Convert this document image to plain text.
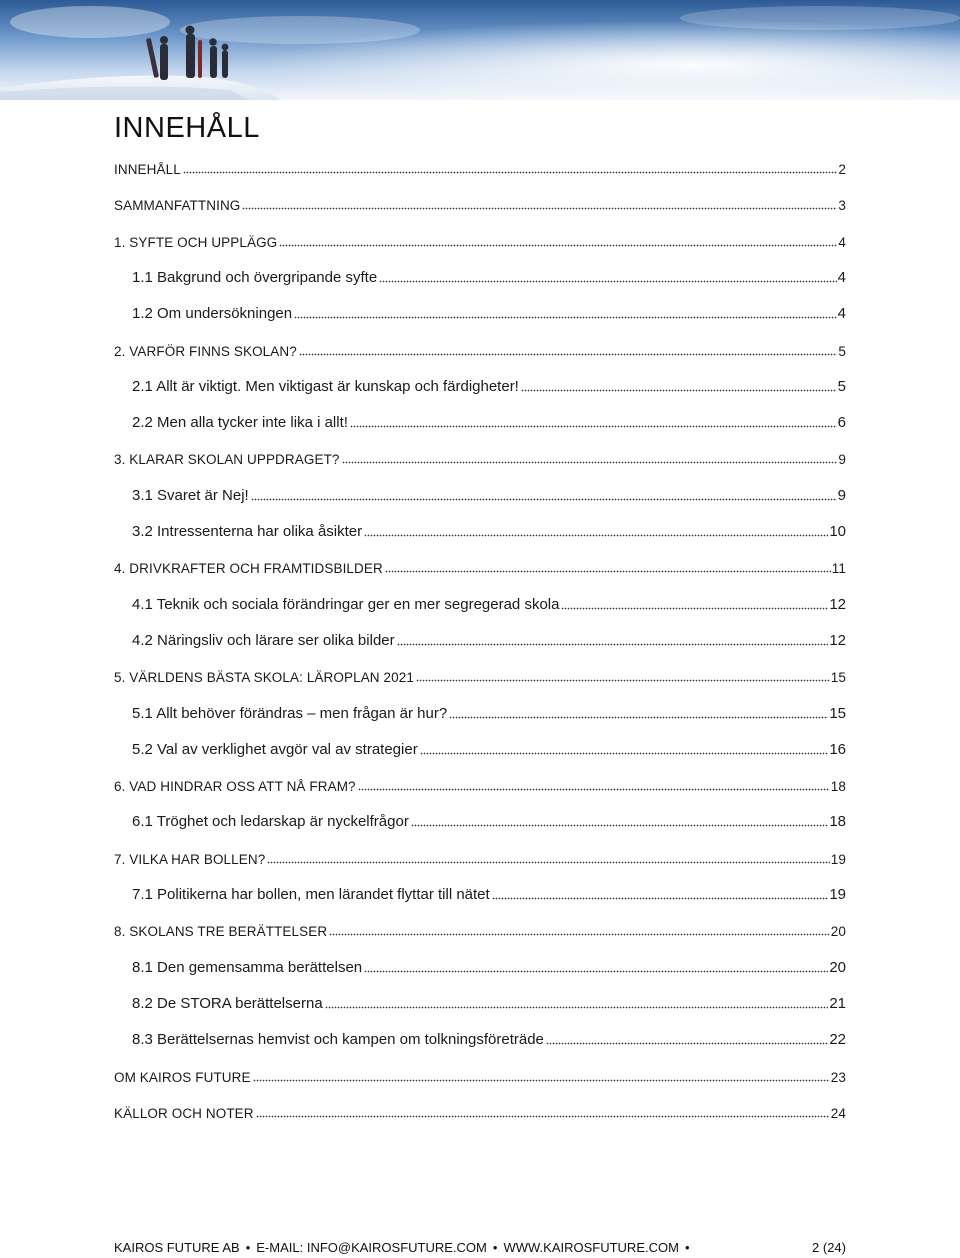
INNEHÅLL
INNEHÅLL	2
SAMMANFATTNING	3
1. SYFTE OCH UPPLÄGG	4
1.1 Bakgrund och övergripande syfte	4
1.2 Om undersökningen	4
2. VARFÖR FINNS SKOLAN?	5
2.1 Allt är viktigt. Men viktigast är kunskap och färdigheter!	5
2.2 Men alla tycker inte lika i allt!	6
3. KLARAR SKOLAN UPPDRAGET?	9
3.1 Svaret är Nej!	9
3.2 Intressenterna har olika åsikter	10
4. DRIVKRAFTER OCH FRAMTIDSBILDER	11
4.1 Teknik och sociala förändringar ger en mer segregerad skola	12
4.2 Näringsliv och lärare ser olika bilder	12
5. VÄRLDENS BÄSTA SKOLA: LÄROPLAN 2021	15
5.1 Allt behöver förändras – men frågan är hur?	15
5.2 Val av verklighet avgör val av strategier	16
6. VAD HINDRAR OSS ATT NÅ FRAM?	18
6.1 Tröghet och ledarskap är nyckelfrågor	18
7. VILKA HAR BOLLEN?	19
7.1 Politikerna har bollen, men lärandet flyttar till nätet	19
8. SKOLANS TRE BERÄTTELSER	20
8.1 Den gemensamma berättelsen	20
8.2 De STORA berättelserna	21
8.3 Berättelsernas hemvist och kampen om tolkningsföreträde	22
OM KAIROS FUTURE	23
KÄLLOR OCH NOTER	24
KAIROS FUTURE AB • E-MAIL: INFO@KAIROSFUTURE.COM • WWW.KAIROSFUTURE.COM •	2 (24)
